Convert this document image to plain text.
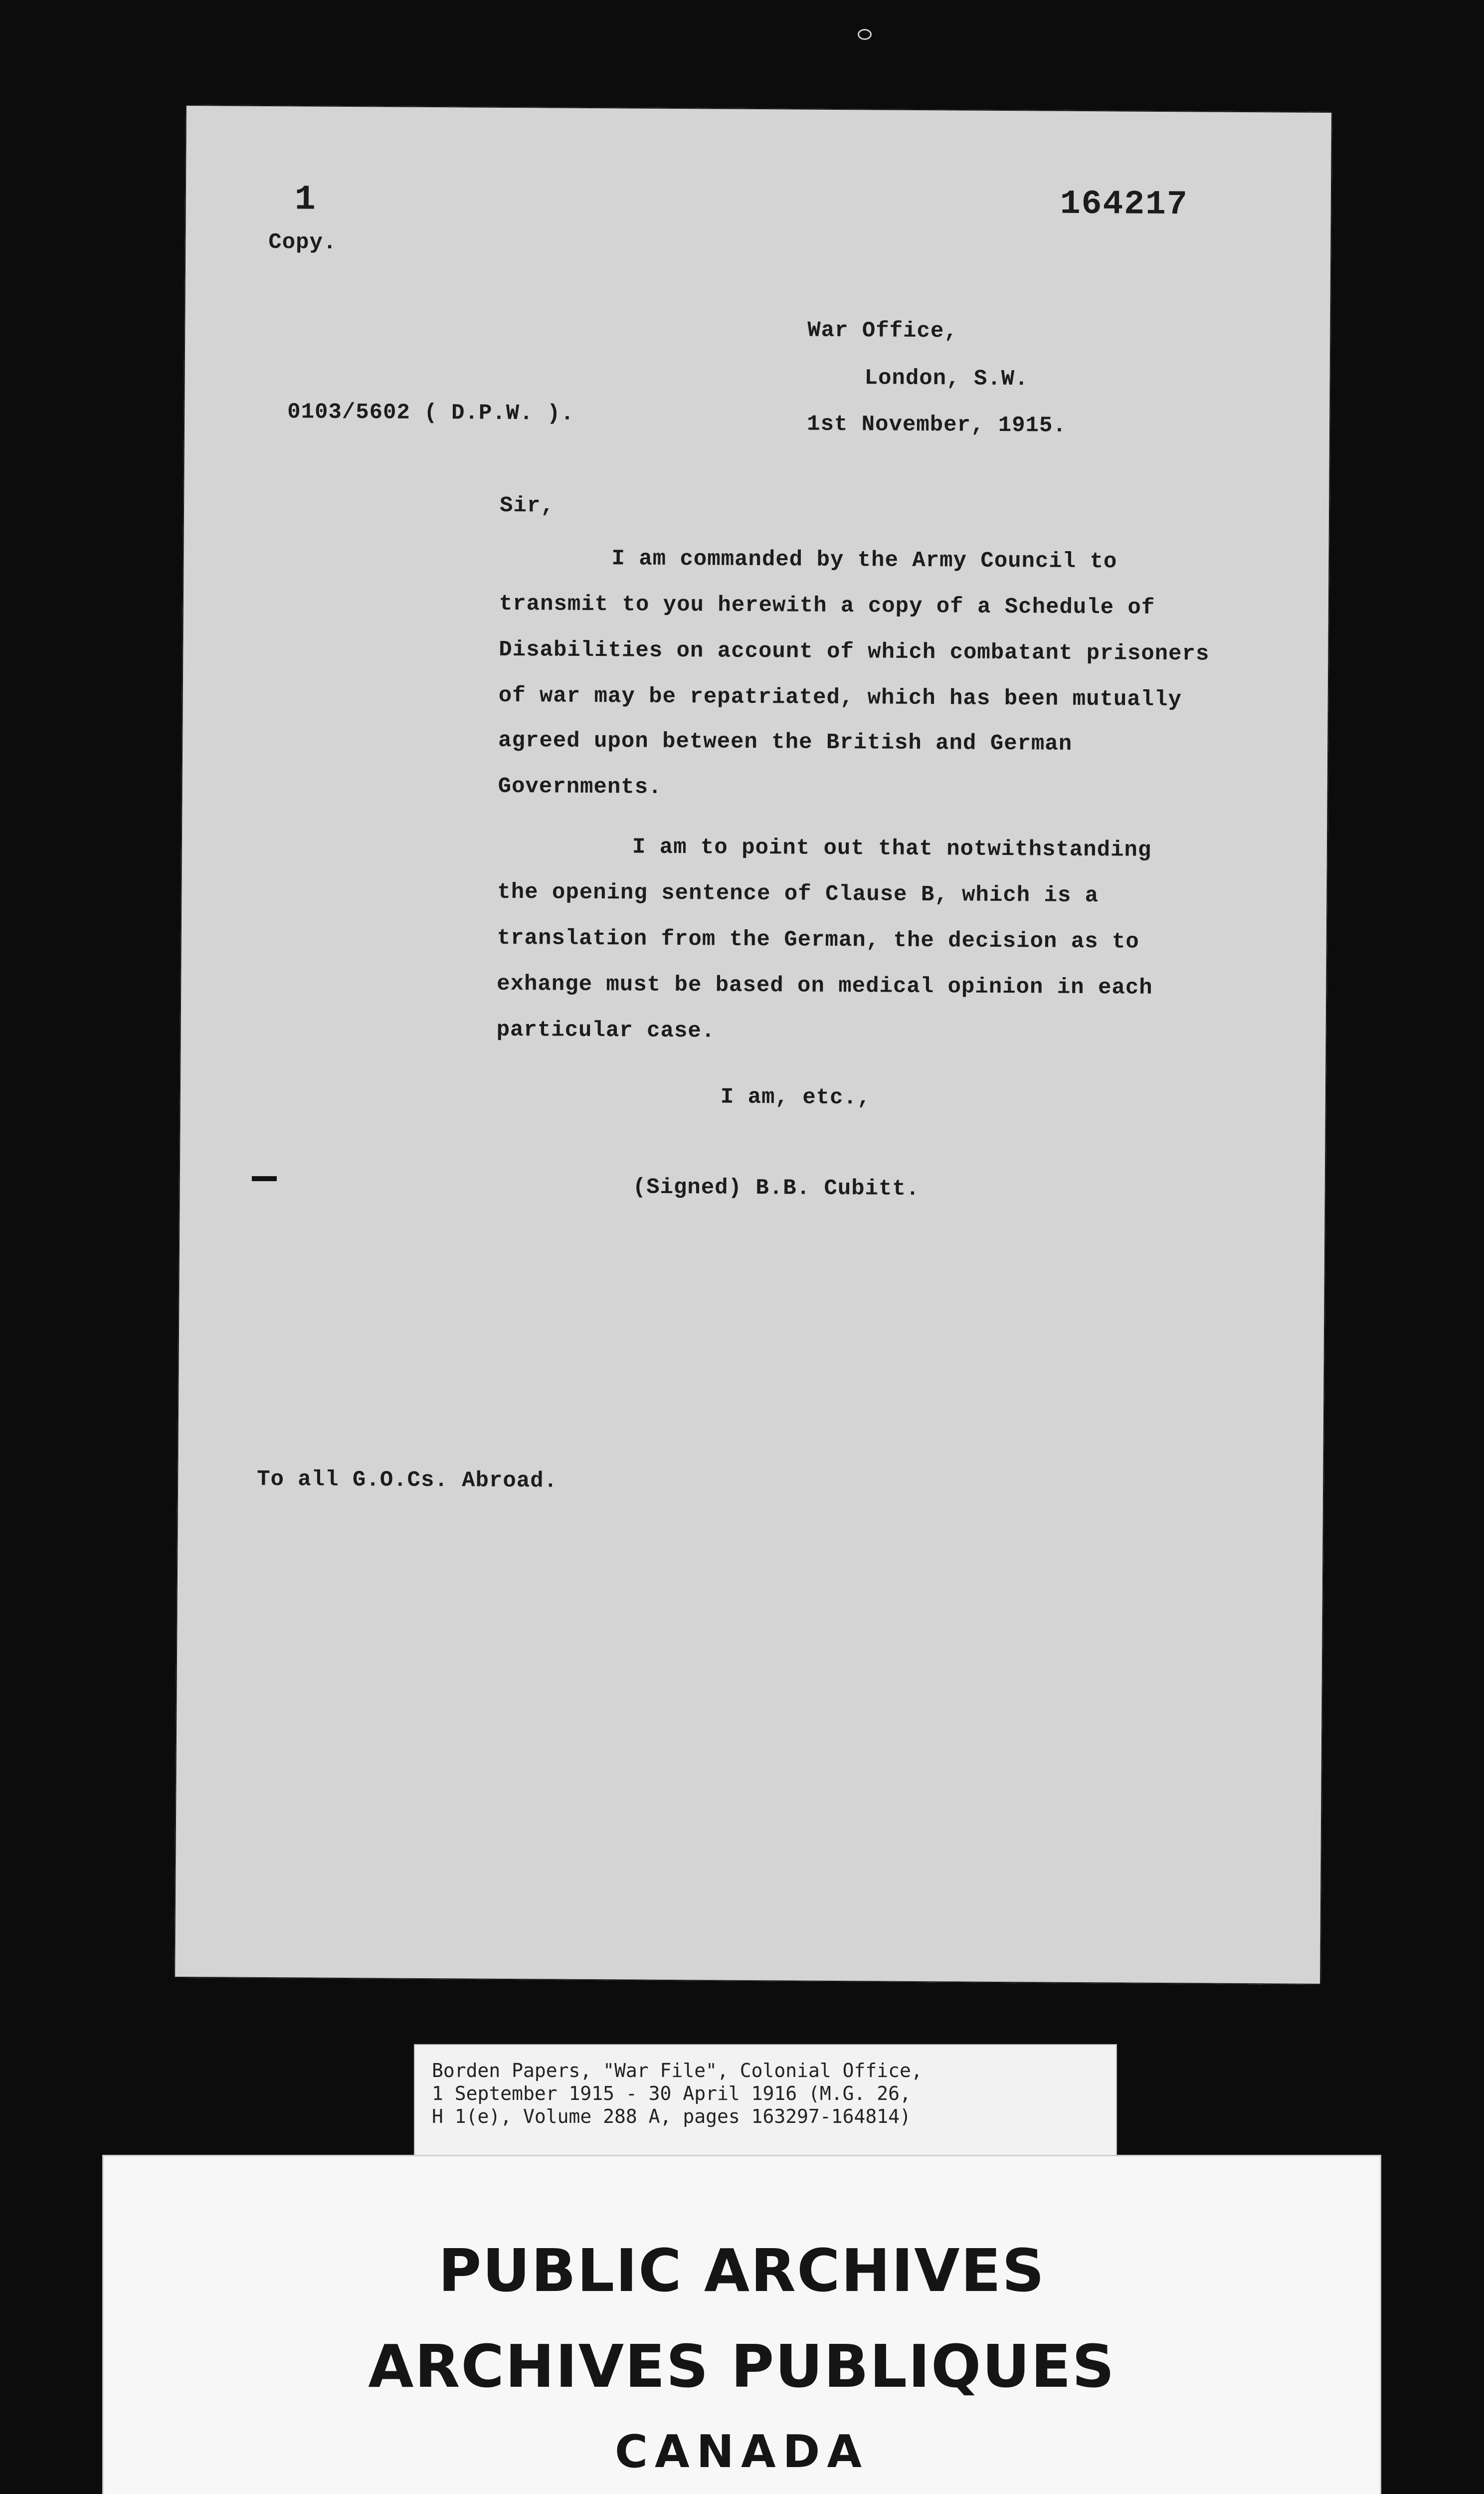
1
Copy.
164217
War Office,
London, S.W.
0103/5602 ( D.P.W. ).	1st November, 1915.
Sir,
I am commanded by the Army Council to
transmit to you herewith a copy of a Schedule of
Disabilities on account of which combatant prisoners
of war may be repatriated, which has been mutually
agreed upon between the British and German
Governments.
I am to point out that notwithstanding
the opening sentence of Clause B, which is a
translation from the German, the decision as to
exhange must be based on medical opinion in each
particular case.
I am, etc.,
(Signed) B.B. Cubitt.
To all G.O.Cs. Abroad.
Borden Papers, "War File", Colonial Office,
1 September 1915 - 30 April 1916 (M.G. 26,
H 1(e), Volume 288 A, pages 163297-164814)
PUBLIC ARCHIVES
ARCHIVES PUBLIQUES
CANADA
